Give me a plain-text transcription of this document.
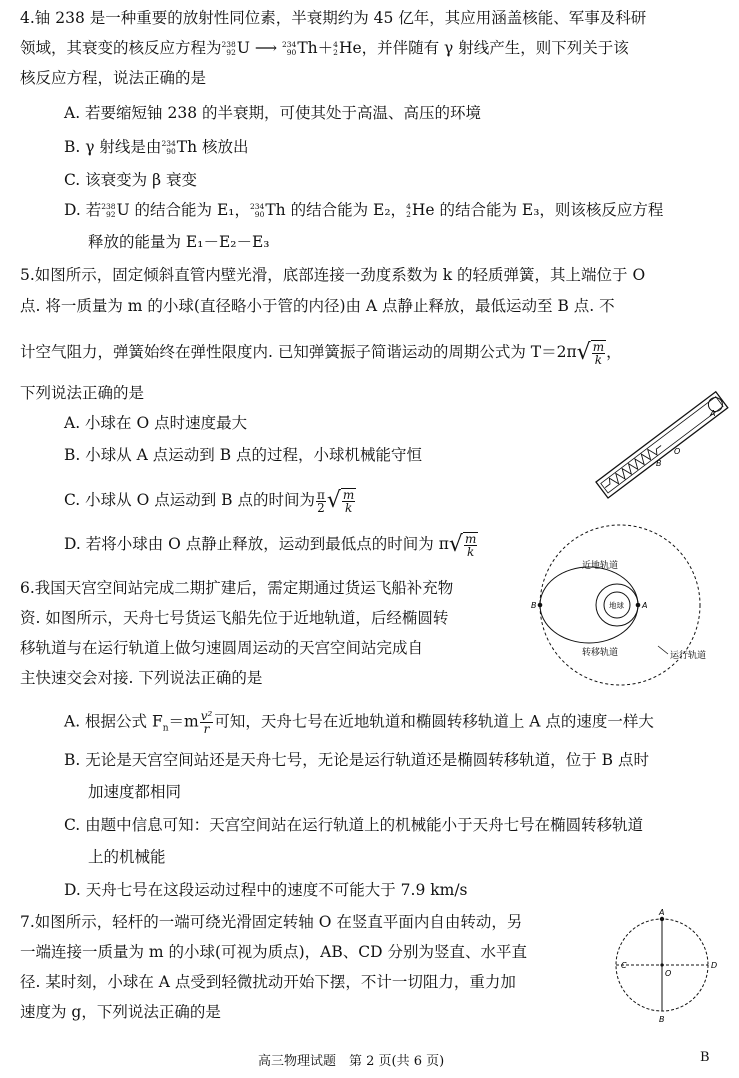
4.铀 238 是一种重要的放射性同位素，半衰期约为 45 亿年，其应用涵盖核能、军事及科研
领域，其衰变的核反应方程为 238
92 U ⟶ 234
90 Th＋ 4
2 He，并伴随有 γ 射线产生，则下列关于该
核反应方程，说法正确的是
A. 若要缩短铀 238 的半衰期，可使其处于高温、高压的环境
B. γ 射线是由 234
90 Th 核放出
C. 该衰变为 β 衰变
D. 若 238
92 U 的结合能为 E₁， 234
90 Th 的结合能为 E₂， 4
2 He 的结合能为 E₃，则该核反应方程
释放的能量为 E₁－E₂－E₃
5.如图所示，固定倾斜直管内壁光滑，底部连接一劲度系数为 k 的轻质弹簧，其上端位于 O
点. 将一质量为 m 的小球(直径略小于管的内径)由 A 点静止释放，最低运动至 B 点. 不
计空气阻力，弹簧始终在弹性限度内. 已知弹簧振子简谐运动的周期公式为 T＝2π √ $\frac{m}{k}$ ，
下列说法正确的是
A. 小球在 O 点时速度最大
B. 小球从 A 点运动到 B 点的过程，小球机械能守恒
C. 小球从 O 点运动到 B 点的时间为 $\frac{\pi}{2}$ √ $\frac{m}{k}$
D. 若将小球由 O 点静止释放，运动到最低点的时间为 π √ $\frac{m}{k}$
A
O
B
6.我国天宫空间站完成二期扩建后，需定期通过货运飞船补充物
资. 如图所示，天舟七号货运飞船先位于近地轨道，后经椭圆转
移轨道与在运行轨道上做匀速圆周运动的天宫空间站完成自
主快速交会对接. 下列说法正确的是
A. 根据公式 $F_n=m \frac{\text{v²}}{r}$ 可知，天舟七号在近地轨道和椭圆转移轨道上 A 点的速度一样大
B. 无论是天宫空间站还是天舟七号，无论是运行轨道还是椭圆转移轨道，位于 B 点时
加速度都相同
C. 由题中信息可知：天宫空间站在运行轨道上的机械能小于天舟七号在椭圆转移轨道
上的机械能
D. 天舟七号在这段运动过程中的速度不可能大于 7.9 km/s
B	A
地球
近地轨道
转移轨道	运行轨道
7.如图所示，轻杆的一端可绕光滑固定转轴 O 在竖直平面内自由转动，另
一端连接一质量为 m 的小球(可视为质点)，AB、CD 分别为竖直、水平直
径. 某时刻，小球在 A 点受到轻微扰动开始下摆，不计一切阻力，重力加
速度为 g，下列说法正确的是
A
B
C	D
O
高三物理试题　第 2 页(共 6 页)	B
